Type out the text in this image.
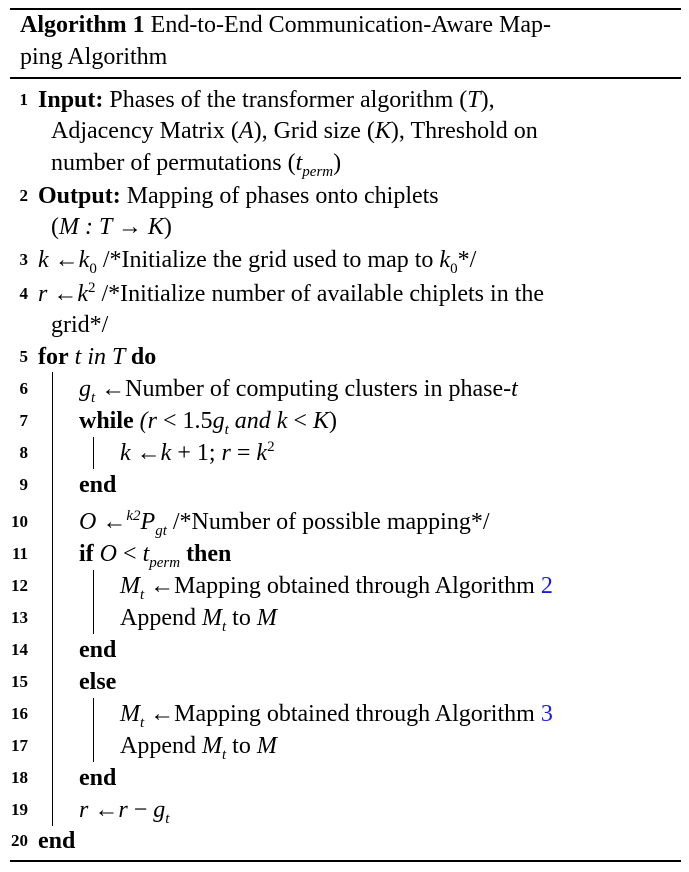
Algorithm 1 End-to-End Communication-Aware Map-
ping Algorithm
1 Input: Phases of the transformer algorithm (T),
Adjacency Matrix (A), Grid size (K), Threshold on
number of permutations $(t_{perm})$
2 Output: Mapping of phases onto chiplets
(M : T → K)
3 k $\leftarrow k_0$ /*Initialize the grid used to map to $k_0*/$
4 r $\leftarrow k^2$ /*Initialize number of available chiplets in the
grid*/
5 for t in T do
6 $g_t$ ←Number of computing clusters in phase-t
7 while ($r < 1.5g_t$ and k < K)
8	k ←k + 1; $r = k^2$
9 end
10 O $\leftarrow^{k2}P_{gt}$ /*Number of possible mapping*/
11 if $O < t_{perm}$ then
12	$M_t$ ←Mapping obtained through Algorithm 2
13	Append $M_t$ to M
14 end
15 else
16	$M_t$ ←Mapping obtained through Algorithm 3
17	Append $M_t$ to M
18 end
19 r ←r − $g_t$
20 end
